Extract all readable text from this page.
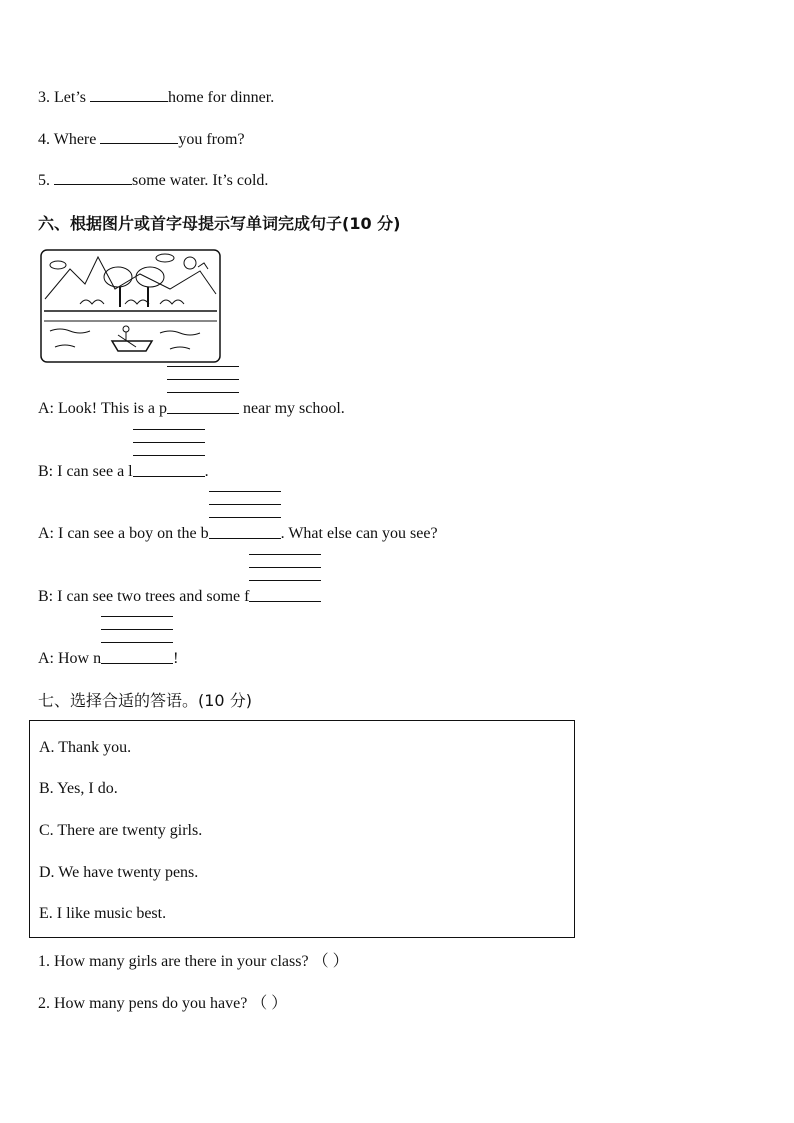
3. Let’s	home for dinner.
4. Where	you from?
5.	some water. It’s cold.
六、根据图片或首字母提示写单词完成句子(10 分)
A: Look! This is a p	near my school.
B: I can see a l	.
A: I can see a boy on the b	. What else can you see?
B: I can see two trees and some f
A: How n	!
七、选择合适的答语。(10 分)
A. Thank you.
B. Yes, I do.
C. There are twenty girls.
D. We have twenty pens.
E. I like music best.
1. How many girls are there in your class? （ ）
2. How many pens do you have? （ ）
